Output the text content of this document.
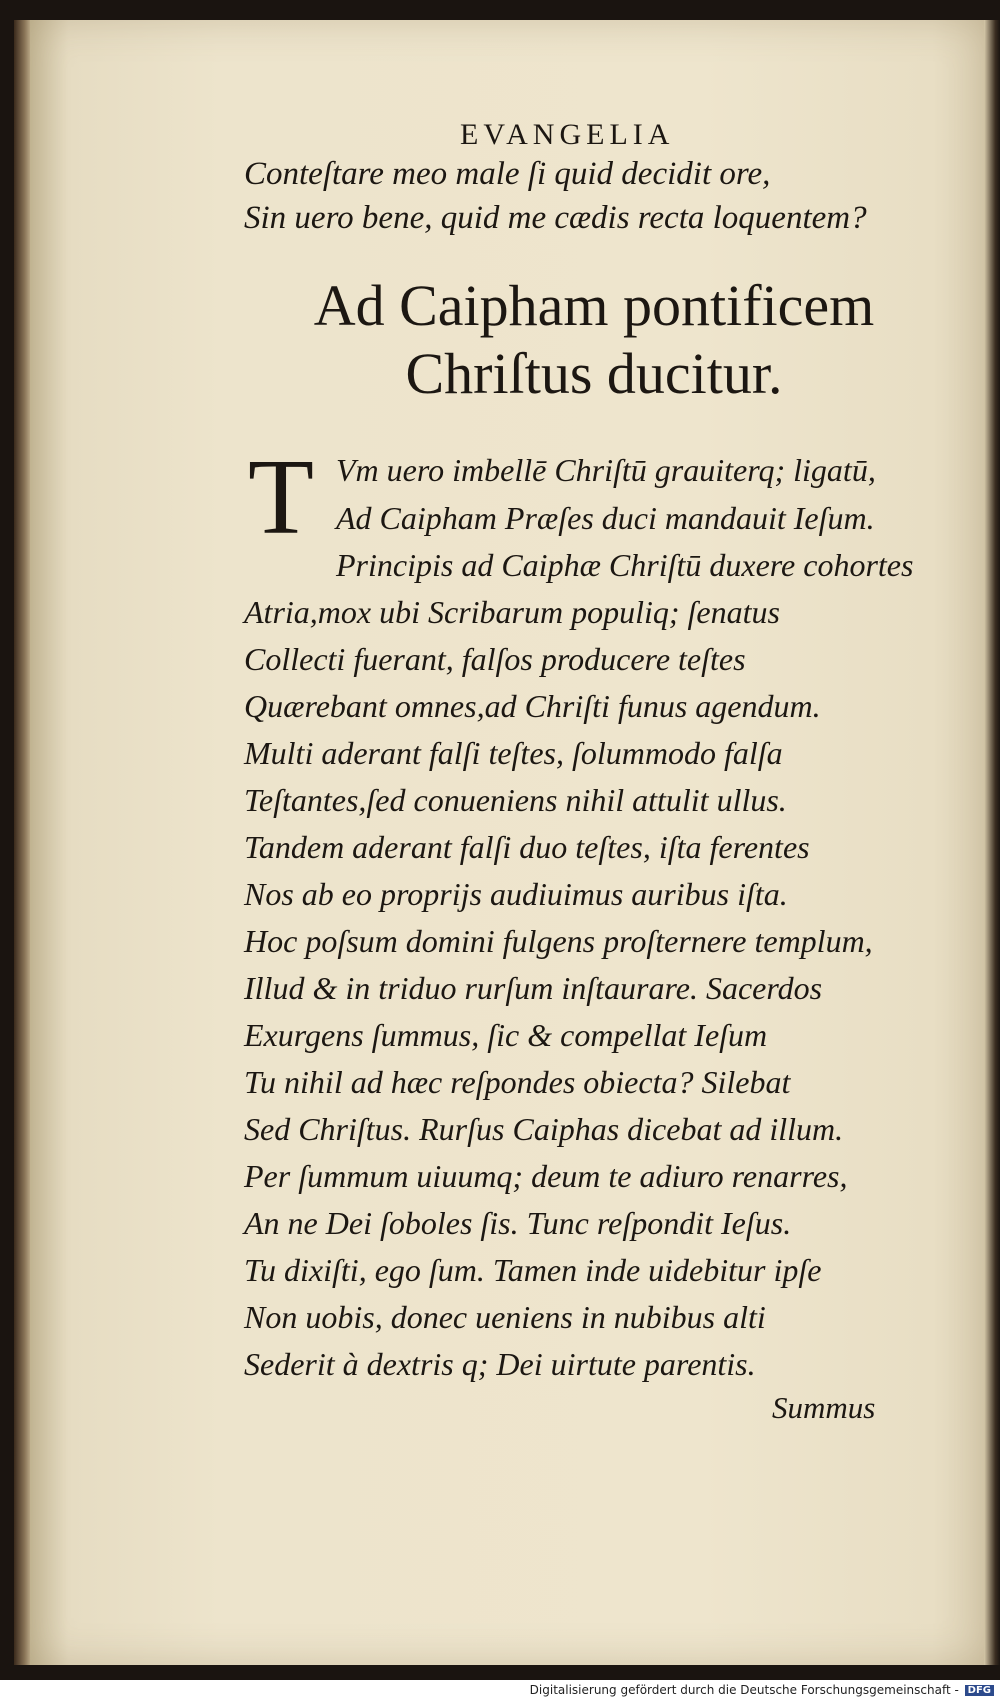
EVANGELIA
Conteſtare meo male ſi quid decidit ore,
Sin uero bene, quid me cædis recta loquentem?
Ad Caipham pontificem
Chriſtus ducitur.
T Vm uero imbellē Chriſtū grauiterq; ligatū,
Ad Caipham Præſes duci mandauit Ieſum.
Principis ad Caiphæ Chriſtū duxere cohortes
Atria,mox ubi Scribarum populiq; ſenatus
Collecti fuerant, falſos producere teſtes
Quærebant omnes,ad Chriſti funus agendum.
Multi aderant falſi teſtes, ſolummodo falſa
Teſtantes,ſed conueniens nihil attulit ullus.
Tandem aderant falſi duo teſtes, iſta ferentes
Nos ab eo proprijs audiuimus auribus iſta.
Hoc poſsum domini fulgens proſternere templum,
Illud & in triduo rurſum inſtaurare. Sacerdos
Exurgens ſummus, ſic & compellat Ieſum
Tu nihil ad hæc reſpondes obiecta? Silebat
Sed Chriſtus. Rurſus Caiphas dicebat ad illum.
Per ſummum uiuumq; deum te adiuro renarres,
An ne Dei ſoboles ſis. Tunc reſpondit Ieſus.
Tu dixiſti, ego ſum. Tamen inde uidebitur ipſe
Non uobis, donec ueniens in nubibus alti
Sederit à dextris q; Dei uirtute parentis.
Summus
Digitalisierung gefördert durch die Deutsche Forschungsgemeinschaft - DFG
